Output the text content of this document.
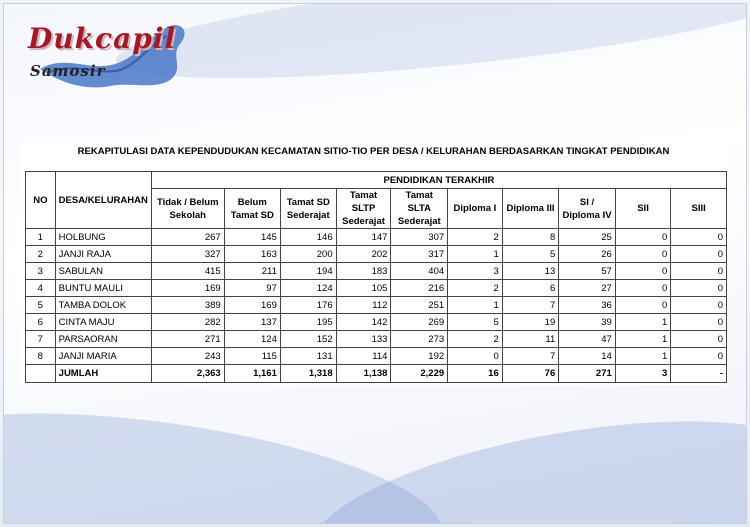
Dukcapil
Samosir
REKAPITULASI DATA KEPENDUDUKAN KECAMATAN SITIO-TIO PER DESA / KELURAHAN BERDASARKAN TINGKAT PENDIDIKAN
NO	DESA/KELURAHAN	PENDIDIKAN TERAKHIR									
		Tidak / Belum Sekolah	Belum Tamat SD	Tamat SD Sederajat	Tamat SLTP Sederajat	Tamat SLTA Sederajat	Diploma I	Diploma III	SI / Diploma IV	SII	SIII
1	HOLBUNG	267	145	146	147	307	2	8	25	0	0
2	JANJI RAJA	327	163	200	202	317	1	5	26	0	0
3	SABULAN	415	211	194	183	404	3	13	57	0	0
4	BUNTU MAULI	169	97	124	105	216	2	6	27	0	0
5	TAMBA DOLOK	389	169	176	112	251	1	7	36	0	0
6	CINTA MAJU	282	137	195	142	269	5	19	39	1	0
7	PARSAORAN	271	124	152	133	273	2	11	47	1	0
8	JANJI MARIA	243	115	131	114	192	0	7	14	1	0
	JUMLAH	2,363	1,161	1,318	1,138	2,229	16	76	271	3	-
